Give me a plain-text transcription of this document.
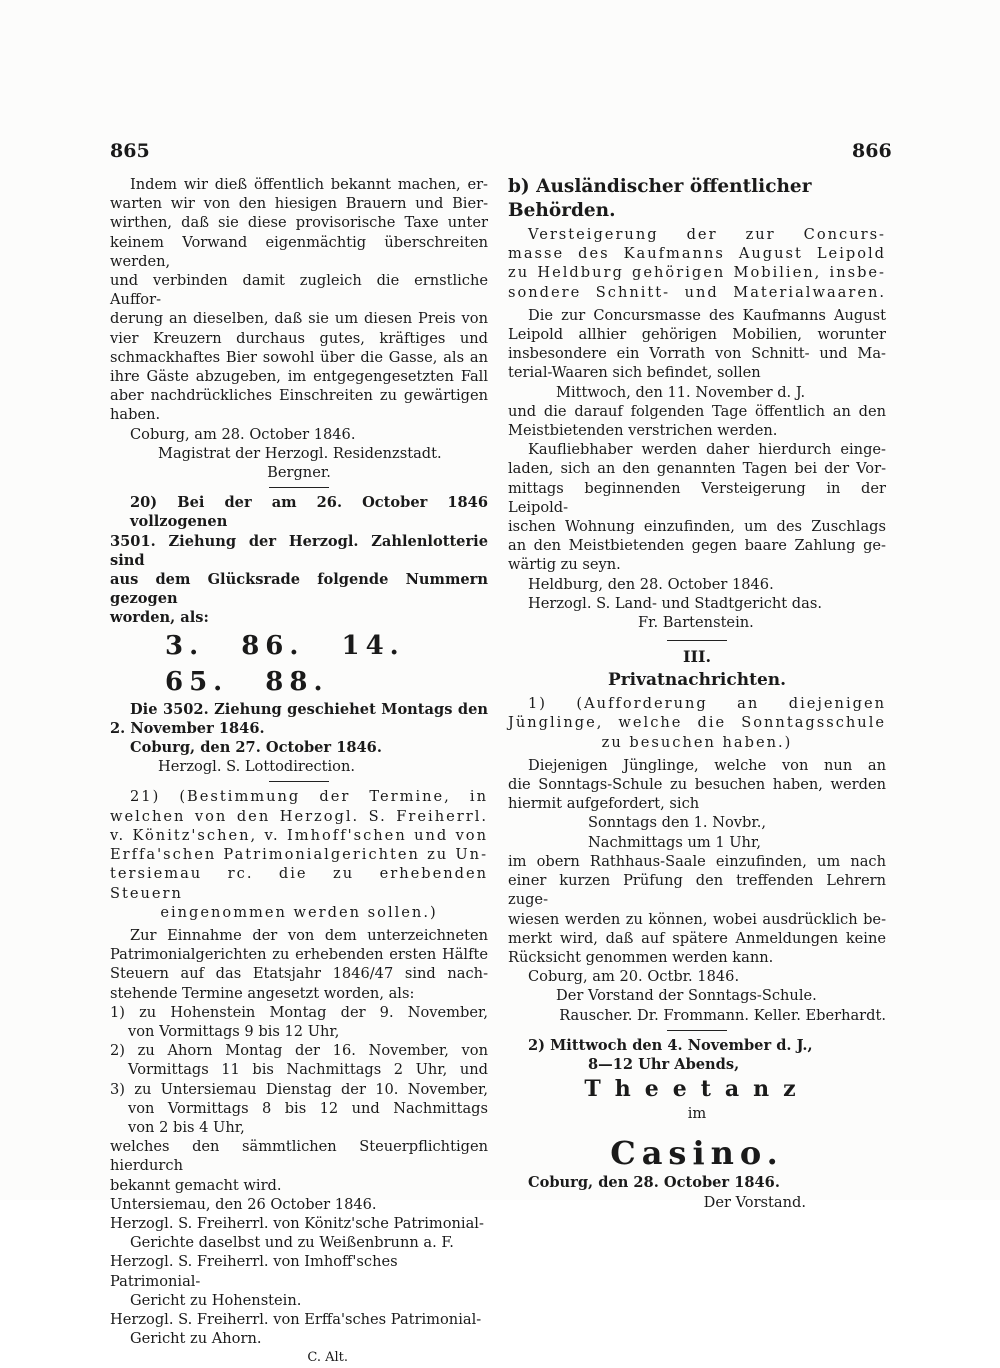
865	866

Indem wir dieß öffentlich bekannt machen, er-

warten wir von den hiesigen Brauern und Bier-

wirthen, daß sie diese provisorische Taxe unter

keinem Vorwand eigenmächtig überschreiten werden,

und verbinden damit zugleich die ernstliche Auffor-

derung an dieselben, daß sie um diesen Preis von

vier Kreuzern durchaus gutes, kräftiges und

schmackhaftes Bier sowohl über die Gasse, als an

ihre Gäste abzugeben, im entgegengesetzten Fall

aber nachdrückliches Einschreiten zu gewärtigen

haben.

Coburg, am 28. October 1846.

Magistrat der Herzogl. Residenzstadt.

Bergner.

20) Bei der am 26. October 1846 vollzogenen

3501. Ziehung der Herzogl. Zahlenlotterie sind

aus dem Glücksrade folgende Nummern gezogen

worden, als:

3. 86. 14. 65. 88.

Die 3502. Ziehung geschiehet Montags den

2. November 1846.

Coburg, den 27. October 1846.

Herzogl. S. Lottodirection.

21) (Bestimmung der Termine, in

welchen von den Herzogl. S. Freiherrl.

v. Könitz'schen, v. Imhoff'schen und von

Erffa'schen Patrimonialgerichten zu Un-

tersiemau rc. die zu erhebenden Steuern

eingenommen werden sollen.)

Zur Einnahme der von dem unterzeichneten

Patrimonialgerichten zu erhebenden ersten Hälfte

Steuern auf das Etatsjahr 1846/47 sind nach-

stehende Termine angesetzt worden, als:

1) zu Hohenstein Montag der 9. November,

von Vormittags 9 bis 12 Uhr,

2) zu Ahorn Montag der 16. November, von

Vormittags 11 bis Nachmittags 2 Uhr, und

3) zu Untersiemau Dienstag der 10. November,

von Vormittags 8 bis 12 und Nachmittags

von 2 bis 4 Uhr,

welches den sämmtlichen Steuerpflichtigen hierdurch

bekannt gemacht wird.

Untersiemau, den 26 October 1846.

Herzogl. S. Freiherrl. von Könitz'sche Patrimonial-

Gerichte daselbst und zu Weißenbrunn a. F.

Herzogl. S. Freiherrl. von Imhoff'sches Patrimonial-

Gericht zu Hohenstein.

Herzogl. S. Freiherrl. von Erffa'sches Patrimonial-

Gericht zu Ahorn.

C. Alt.

b) Ausländischer öffentlicher Behörden.

Versteigerung der zur Concurs-

masse des Kaufmanns August Leipold

zu Heldburg gehörigen Mobilien, insbe-

sondere Schnitt- und Materialwaaren.

Die zur Concursmasse des Kaufmanns August

Leipold allhier gehörigen Mobilien, worunter

insbesondere ein Vorrath von Schnitt- und Ma-

terial-Waaren sich befindet, sollen

Mittwoch, den 11. November d. J.

und die darauf folgenden Tage öffentlich an den

Meistbietenden verstrichen werden.

Kaufliebhaber werden daher hierdurch einge-

laden, sich an den genannten Tagen bei der Vor-

mittags beginnenden Versteigerung in der Leipold-

ischen Wohnung einzufinden, um des Zuschlags

an den Meistbietenden gegen baare Zahlung ge-

wärtig zu seyn.

Heldburg, den 28. October 1846.

Herzogl. S. Land- und Stadtgericht das.

Fr. Bartenstein.

III.

Privatnachrichten.

1) (Aufforderung an diejenigen

Jünglinge, welche die Sonntagsschule

zu besuchen haben.)

Diejenigen Jünglinge, welche von nun an

die Sonntags-Schule zu besuchen haben, werden

hiermit aufgefordert, sich

Sonntags den 1. Novbr.,

Nachmittags um 1 Uhr,

im obern Rathhaus-Saale einzufinden, um nach

einer kurzen Prüfung den treffenden Lehrern zuge-

wiesen werden zu können, wobei ausdrücklich be-

merkt wird, daß auf spätere Anmeldungen keine

Rücksicht genommen werden kann.

Coburg, am 20. Octbr. 1846.

Der Vorstand der Sonntags-Schule.

Rauscher. Dr. Frommann. Keller. Eberhardt.

2) Mittwoch den 4. November d. J.,

8—12 Uhr Abends,

Theetanz

im

Casino.

Coburg, den 28. October 1846.

Der Vorstand.
